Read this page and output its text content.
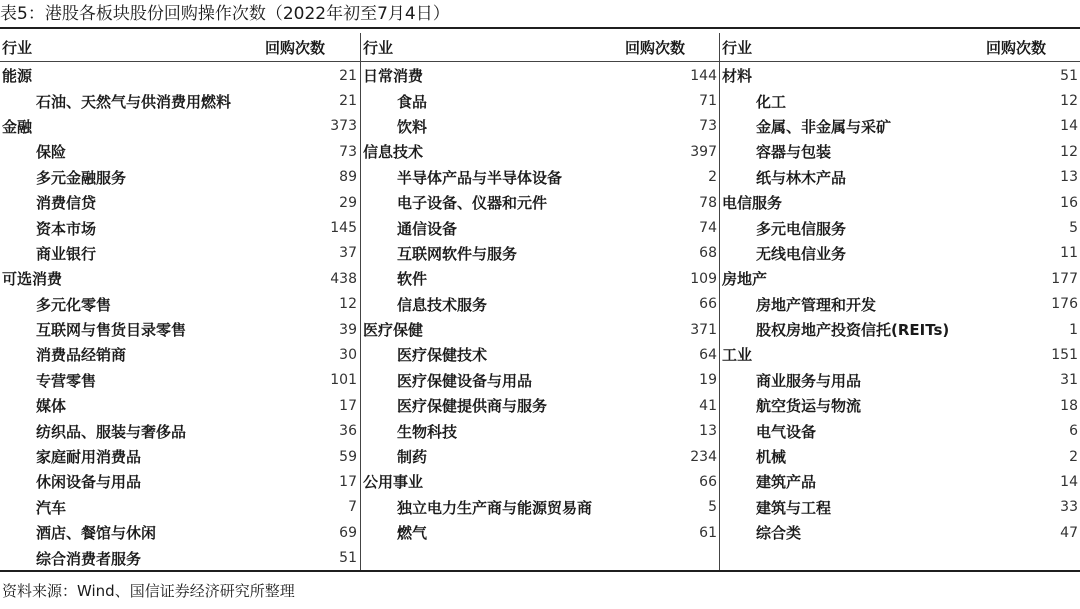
表5：港股各板块股份回购操作次数（2022年初至7月4日）
行业	回购次数
能源	21
石油、天然气与供消费用燃料	21
金融	373
保险	73
多元金融服务	89
消费信贷	29
资本市场	145
商业银行	37
可选消费	438
多元化零售	12
互联网与售货目录零售	39
消费品经销商	30
专营零售	101
媒体	17
纺织品、服装与奢侈品	36
家庭耐用消费品	59
休闲设备与用品	17
汽车	7
酒店、餐馆与休闲	69
综合消费者服务	51
行业	回购次数
日常消费	144
食品	71
饮料	73
信息技术	397
半导体产品与半导体设备	2
电子设备、仪器和元件	78
通信设备	74
互联网软件与服务	68
软件	109
信息技术服务	66
医疗保健	371
医疗保健技术	64
医疗保健设备与用品	19
医疗保健提供商与服务	41
生物科技	13
制药	234
公用事业	66
独立电力生产商与能源贸易商	5
燃气	61
行业	回购次数
材料	51
化工	12
金属、非金属与采矿	14
容器与包装	12
纸与林木产品	13
电信服务	16
多元电信服务	5
无线电信业务	11
房地产	177
房地产管理和开发	176
股权房地产投资信托(REITs)	1
工业	151
商业服务与用品	31
航空货运与物流	18
电气设备	6
机械	2
建筑产品	14
建筑与工程	33
综合类	47
资料来源：Wind、国信证券经济研究所整理
